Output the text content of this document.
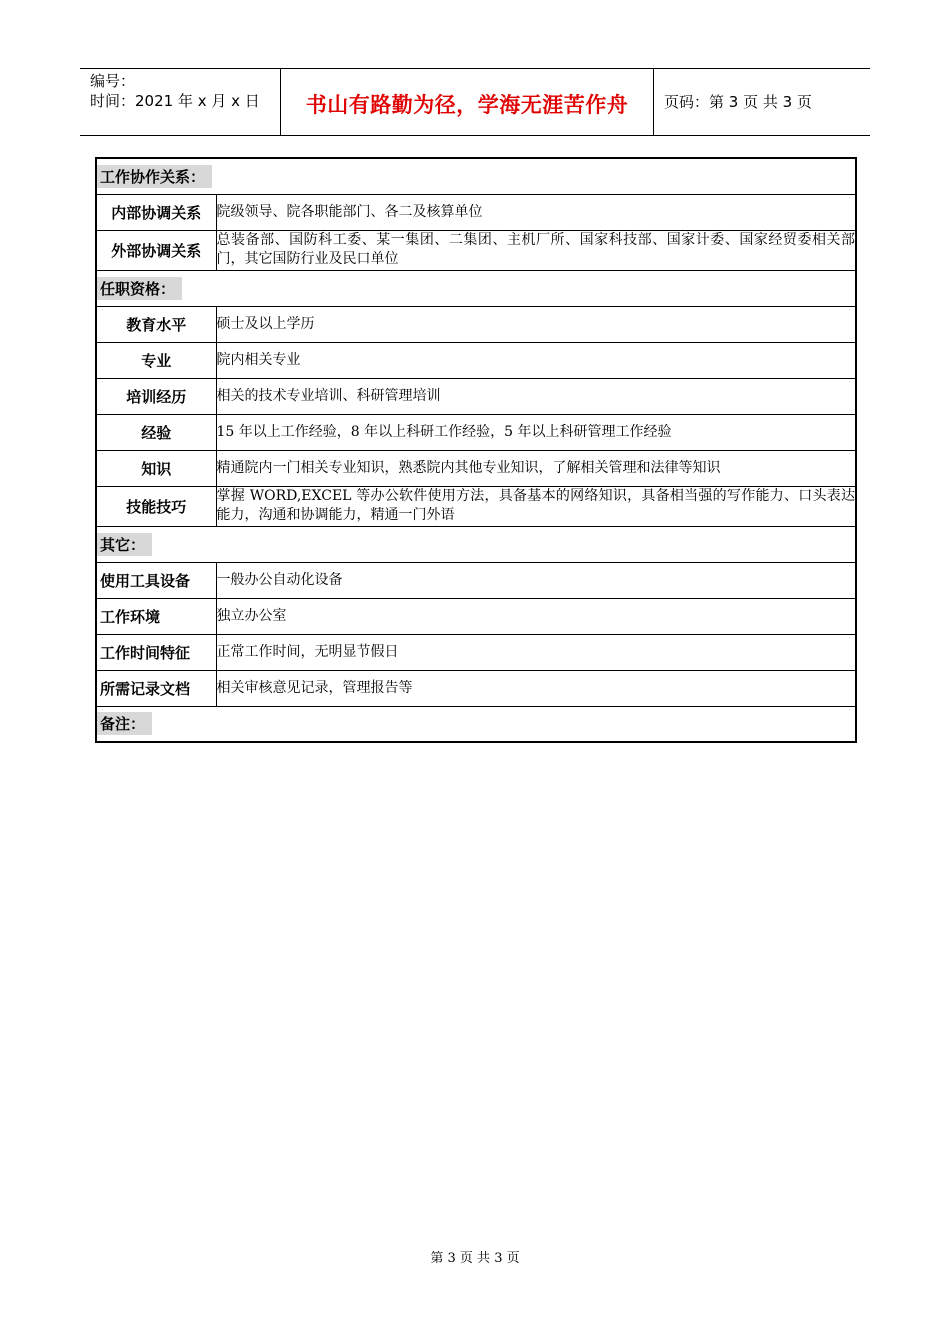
编号：
时间：2021 年 x 月 x 日	书山有路勤为径，学海无涯苦作舟	页码：第 3 页 共 3 页
工作协作关系：	
内部协调关系	院级领导、院各职能部门、各二及核算单位
外部协调关系	总装备部、国防科工委、某一集团、二集团、主机厂所、国家科技部、国家计委、国家经贸委相关部门，其它国防行业及民口单位
任职资格：	
教育水平	硕士及以上学历
专业	院内相关专业
培训经历	相关的技术专业培训、科研管理培训
经验	15 年以上工作经验，8 年以上科研工作经验，5 年以上科研管理工作经验
知识	精通院内一门相关专业知识，熟悉院内其他专业知识，了解相关管理和法律等知识
技能技巧	掌握 WORD,EXCEL 等办公软件使用方法，具备基本的网络知识，具备相当强的写作能力、口头表达能力，沟通和协调能力，精通一门外语
其它：	
使用工具设备	一般办公自动化设备
工作环境	独立办公室
工作时间特征	正常工作时间，无明显节假日
所需记录文档	相关审核意见记录，管理报告等
备注：	
第 3 页 共 3 页
